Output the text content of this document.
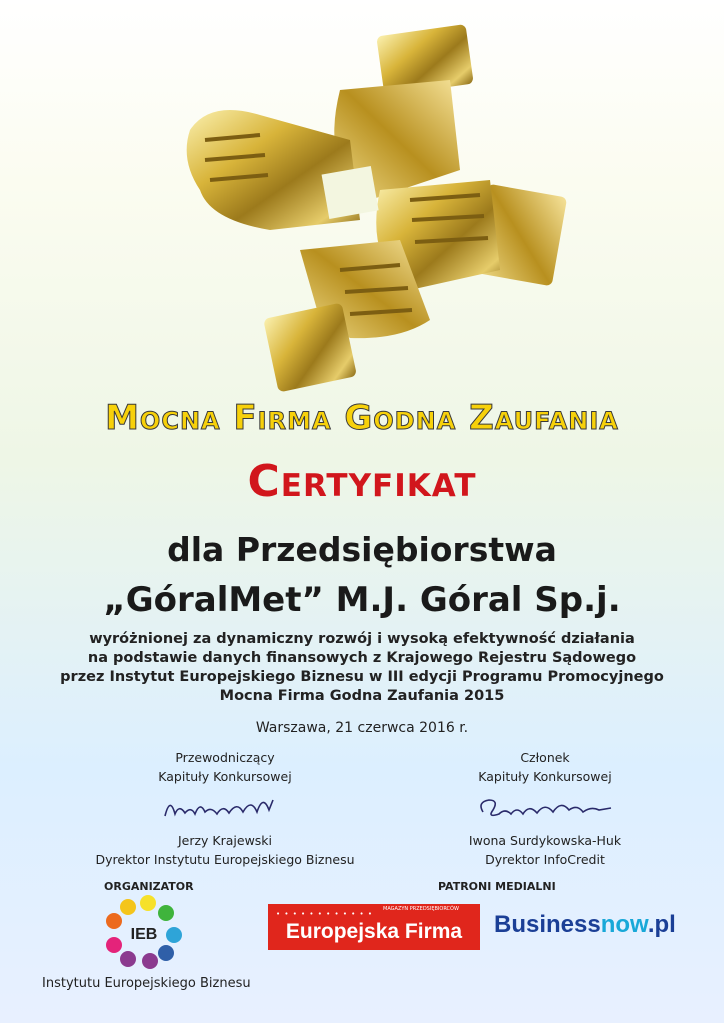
Mocna Firma Godna Zaufania
Certyfikat
dla Przedsiębiorstwa
„GóralMet” M.J. Góral Sp.j.
wyróżnionej za dynamiczny rozwój i wysoką efektywność działania
na podstawie danych finansowych z Krajowego Rejestru Sądowego
przez Instytut Europejskiego Biznesu w III edycji Programu Promocyjnego
Mocna Firma Godna Zaufania 2015
Warszawa, 21 czerwca 2016 r.
Przewodniczący
Kapituły Konkursowej
Jerzy Krajewski
Dyrektor Instytutu Europejskiego Biznesu
Członek
Kapituły Konkursowej
Iwona Surdykowska-Huk
Dyrektor InfoCredit
ORGANIZATOR	PATRONI MEDIALNI
IEB
Instytutu Europejskiego Biznesu
• • • • • • • • • • • •
MAGAZYN PRZEDSIĘBIORCÓW
Europejska Firma	Businessnow.pl
